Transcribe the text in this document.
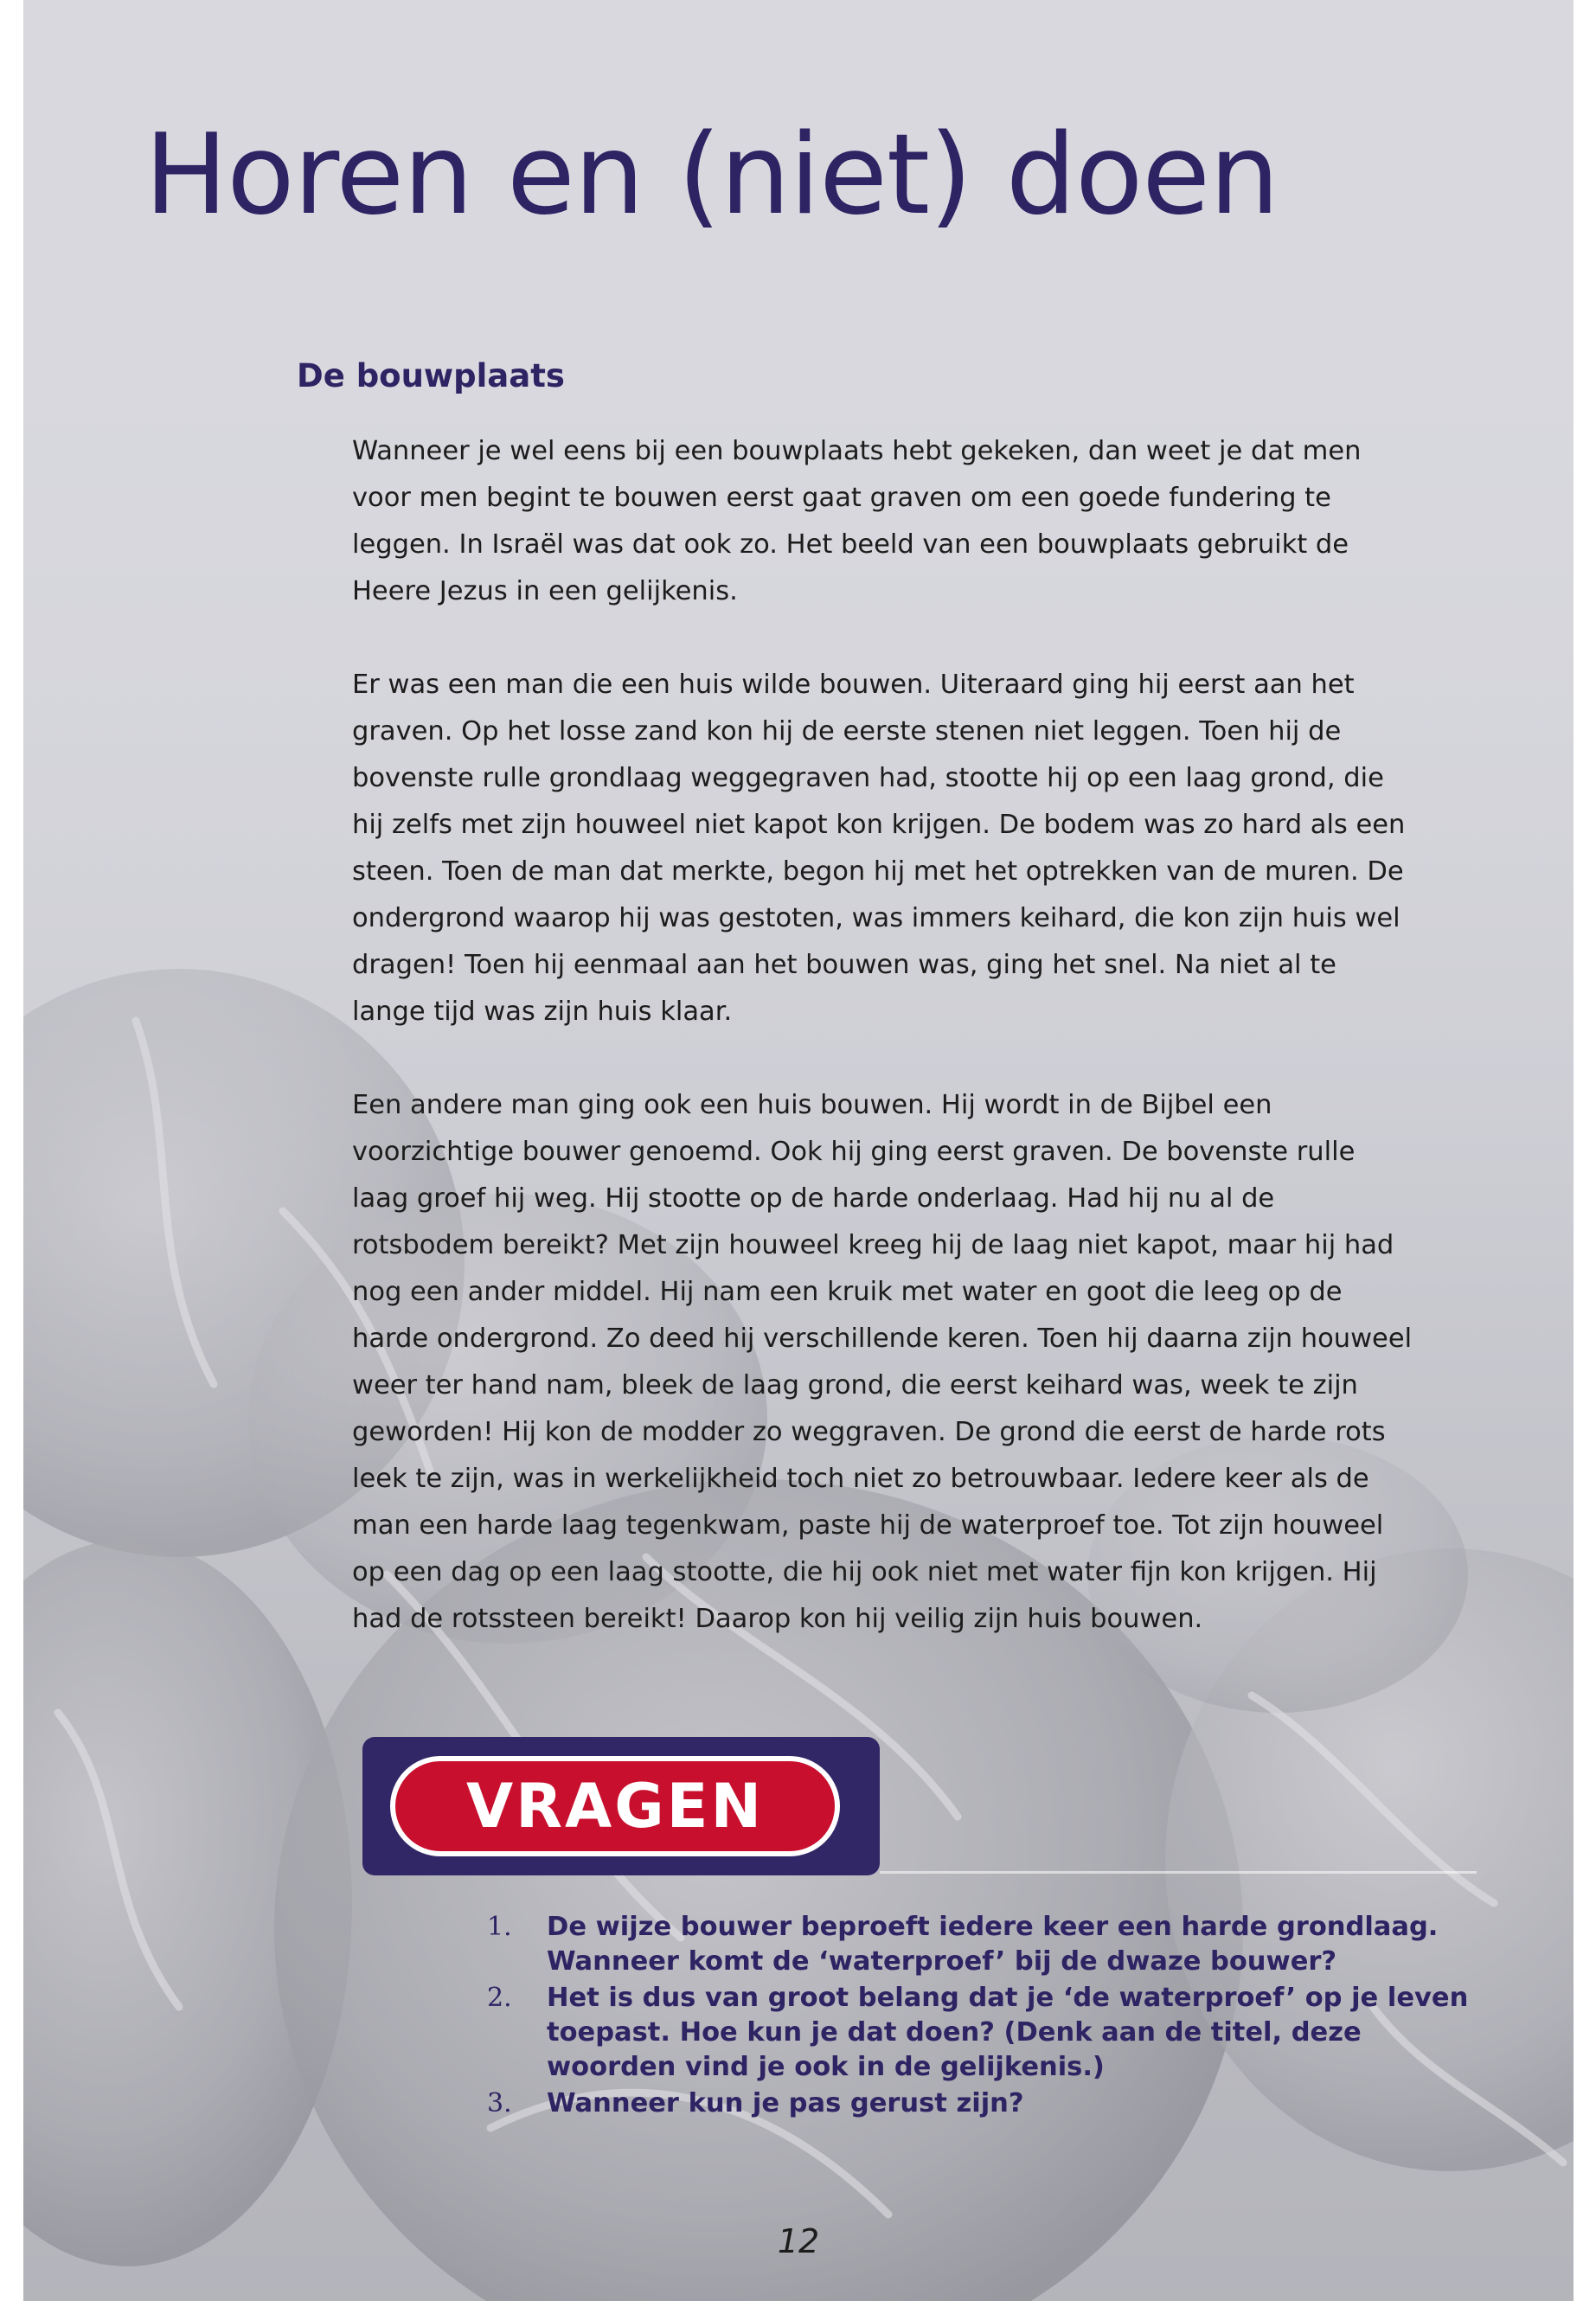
Horen en (niet) doen
De bouwplaats

Wanneer je wel eens bij een bouwplaats hebt gekeken, dan weet je dat men voor men begint te bouwen eerst gaat graven om een goede fundering te leggen. In Israël was dat ook zo. Het beeld van een bouwplaats gebruikt de Heere Jezus in een gelijkenis.

Er was een man die een huis wilde bouwen. Uiteraard ging hij eerst aan het graven. Op het losse zand kon hij de eerste stenen niet leggen. Toen hij de bovenste rulle grondlaag weggegraven had, stootte hij op een laag grond, die hij zelfs met zijn houweel niet kapot kon krijgen. De bodem was zo hard als een steen. Toen de man dat merkte, begon hij met het optrekken van de muren. De ondergrond waarop hij was gestoten, was immers keihard, die kon zijn huis wel dragen! Toen hij eenmaal aan het bouwen was, ging het snel. Na niet al te lange tijd was zijn huis klaar.

Een andere man ging ook een huis bouwen. Hij wordt in de Bijbel een voorzichtige bouwer genoemd. Ook hij ging eerst graven. De bovenste rulle laag groef hij weg. Hij stootte op de harde onderlaag. Had hij nu al de rotsbodem bereikt? Met zijn houweel kreeg hij de laag niet kapot, maar hij had nog een ander middel. Hij nam een kruik met water en goot die leeg op de harde ondergrond. Zo deed hij verschillende keren. Toen hij daarna zijn houweel weer ter hand nam, bleek de laag grond, die eerst keihard was, week te zijn geworden! Hij kon de modder zo weggraven. De grond die eerst de harde rots leek te zijn, was in werkelijkheid toch niet zo betrouwbaar. Iedere keer als de man een harde laag tegenkwam, paste hij de waterproef toe. Tot zijn houweel op een dag op een laag stootte, die hij ook niet met water fijn kon krijgen. Hij had de rotssteen bereikt! Daarop kon hij veilig zijn huis bouwen.

VRAGEN
1. De wijze bouwer beproeft iedere keer een harde grondlaag. Wanneer komt de ‘waterproef’ bij de dwaze bouwer?
2. Het is dus van groot belang dat je ‘de waterproef’ op je leven toepast. Hoe kun je dat doen? (Denk aan de titel, deze woorden vind je ook in de gelijkenis.)
3. Wanneer kun je pas gerust zijn?
12
